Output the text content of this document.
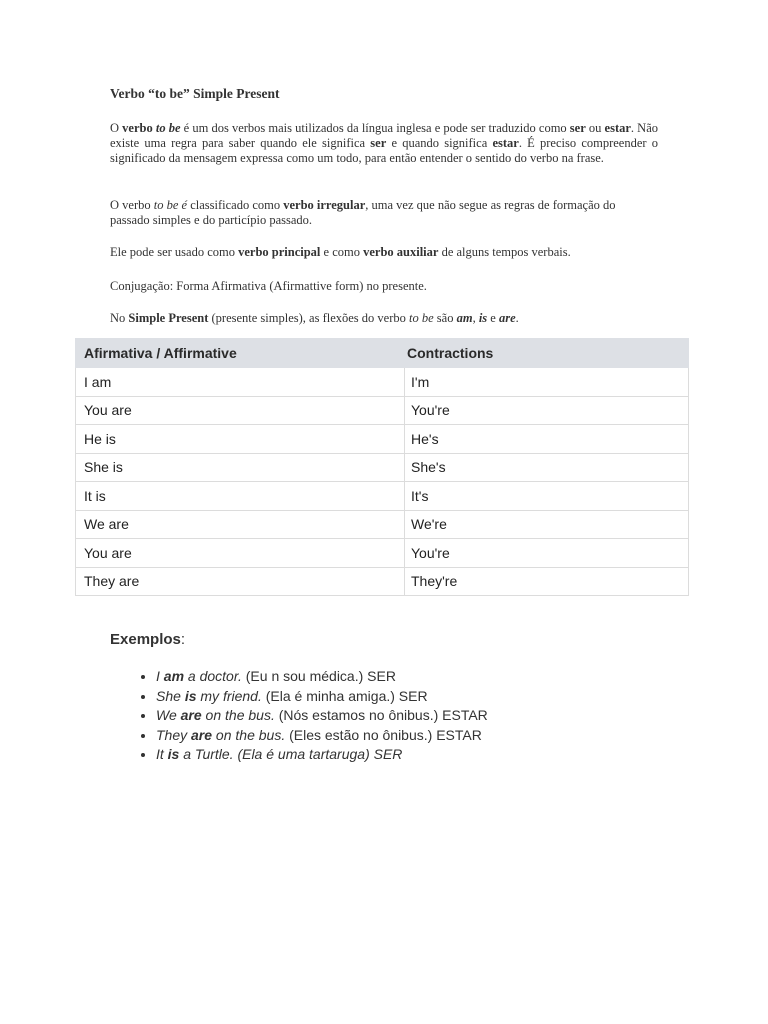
Verbo “to be” Simple Present
O verbo to be é um dos verbos mais utilizados da língua inglesa e pode ser traduzido como ser ou estar. Não existe uma regra para saber quando ele significa ser e quando significa estar. É preciso compreender o significado da mensagem expressa como um todo, para então entender o sentido do verbo na frase.
O verbo to be é classificado como verbo irregular, uma vez que não segue as regras de formação do passado simples e do particípio passado.
Ele pode ser usado como verbo principal e como verbo auxiliar de alguns tempos verbais.
Conjugação: Forma Afirmativa (Afirmattive form) no presente.
No Simple Present (presente simples), as flexões do verbo to be são am, is e are.
Afirmativa / Affirmative	Contractions
I am	I'm
You are	You're
He is	He's
She is	She's
It is	It's
We are	We're
You are	You're
They are	They're
Exemplos:
• I am a doctor. (Eu n sou médica.) SER
• She is my friend. (Ela é minha amiga.) SER
• We are on the bus. (Nós estamos no ônibus.) ESTAR
• They are on the bus. (Eles estão no ônibus.) ESTAR
• It is a Turtle. (Ela é uma tartaruga) SER
